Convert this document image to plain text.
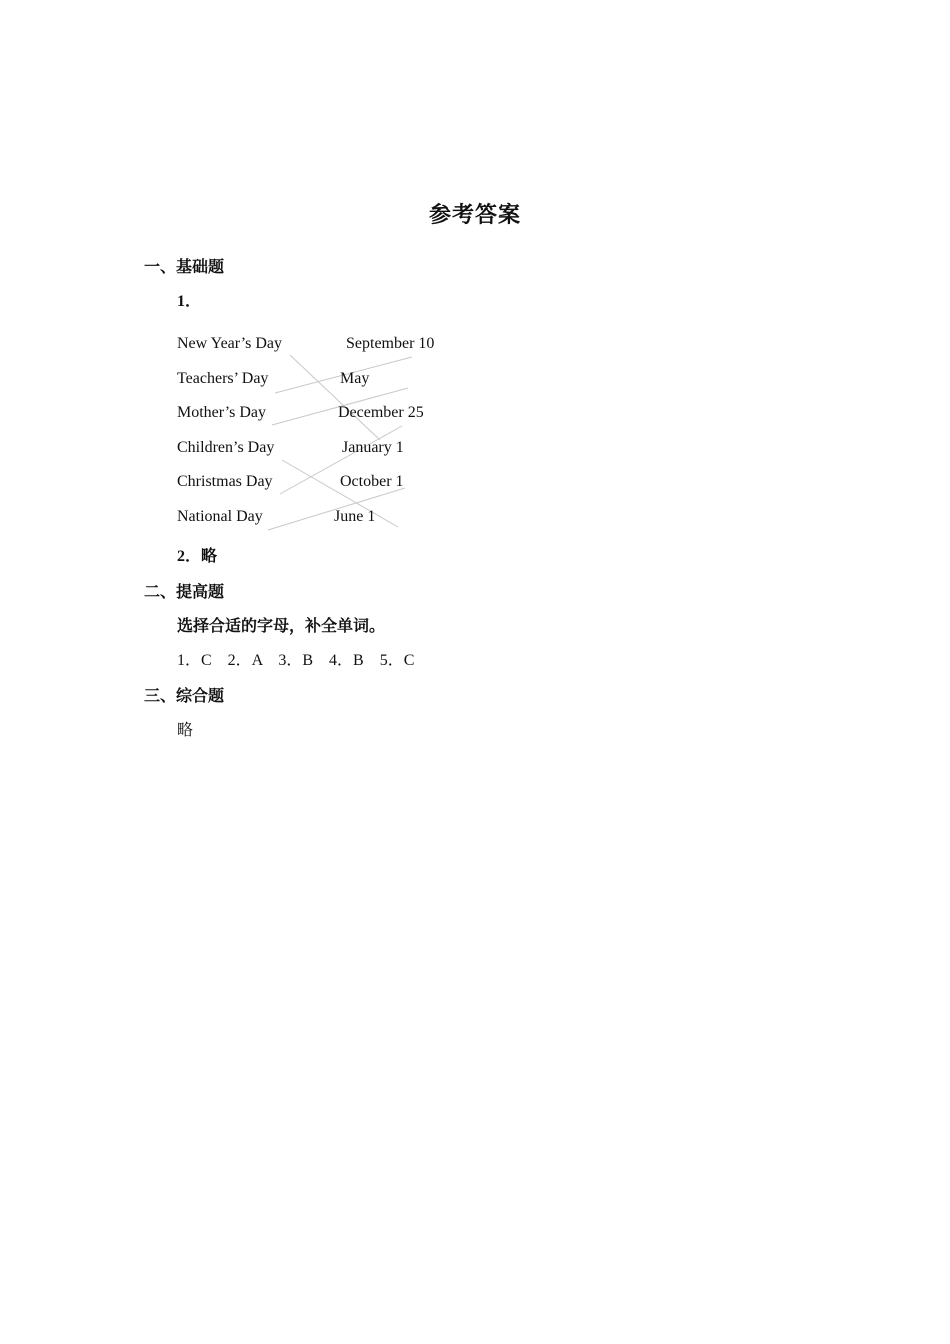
参考答案
一、基础题
1．
New Year’s Day
Teachers’ Day
Mother’s Day
Children’s Day
Christmas Day
National Day
September 10
May
December 25
January 1
October 1
June 1
2．略
二、提高题
选择合适的字母，补全单词。
1．C　2．A　3．B　4．B　5．C
三、综合题
略
